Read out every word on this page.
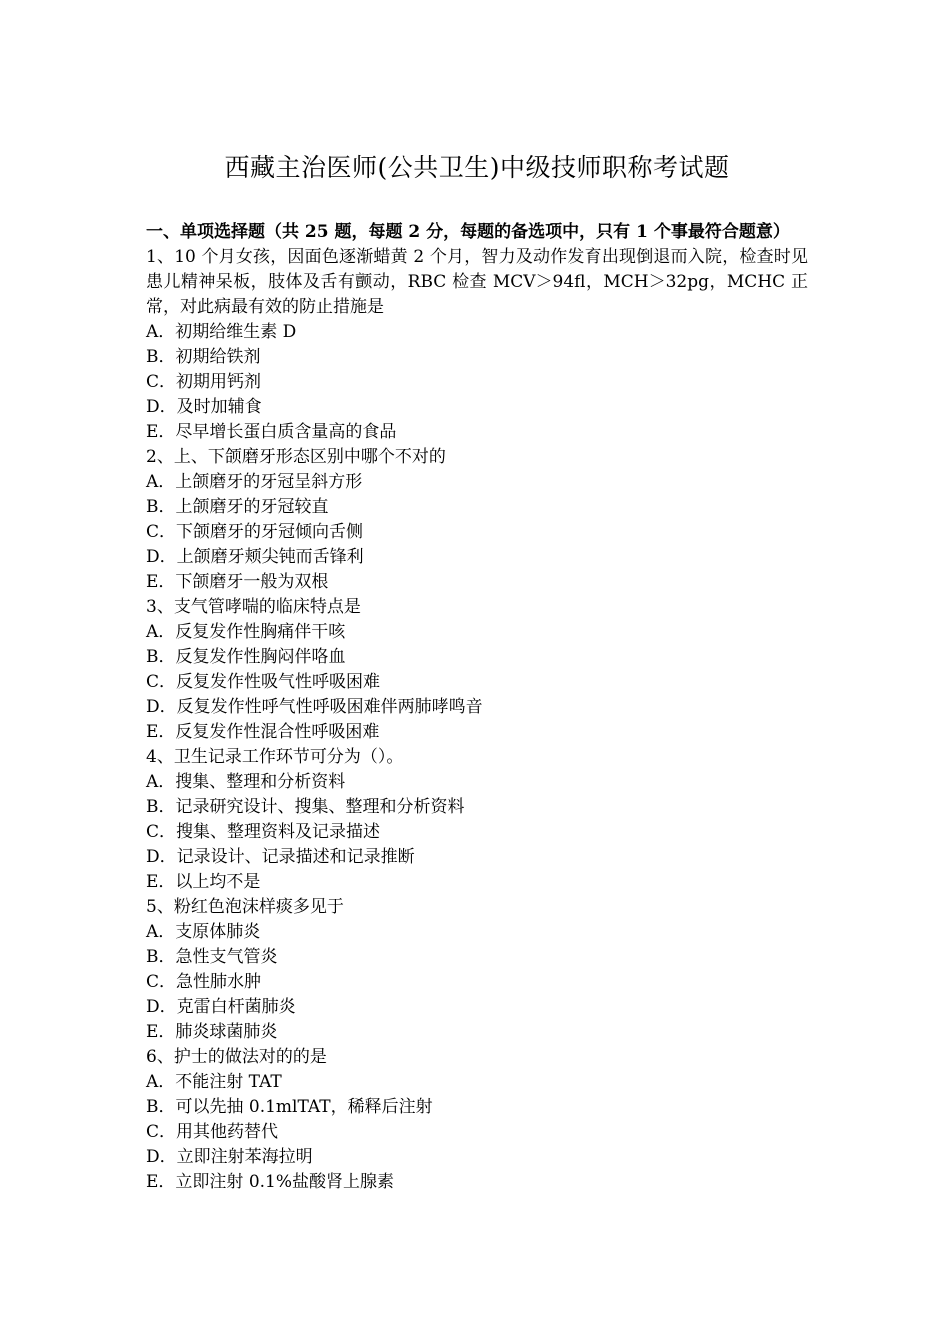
西藏主治医师(公共卫生)中级技师职称考试题

一、单项选择题（共 25 题，每题 2 分，每题的备选项中，只有 1 个事最符合题意）

1、10 个月女孩，因面色逐渐蜡黄 2 个月，智力及动作发育出现倒退而入院，检查时见患儿精神呆板，肢体及舌有颤动，RBC 检查 MCV＞94fl，MCH＞32pg，MCHC 正常，对此病最有效的防止措施是

A．初期给维生素 D

B．初期给铁剂

C．初期用钙剂

D．及时加辅食

E．尽早增长蛋白质含量高的食品

2、上、下颌磨牙形态区别中哪个不对的

A．上颌磨牙的牙冠呈斜方形

B．上颌磨牙的牙冠较直

C．下颌磨牙的牙冠倾向舌侧

D．上颌磨牙颊尖钝而舌锋利

E．下颌磨牙一般为双根

3、支气管哮喘的临床特点是

A．反复发作性胸痛伴干咳

B．反复发作性胸闷伴咯血

C．反复发作性吸气性呼吸困难

D．反复发作性呼气性呼吸困难伴两肺哮鸣音

E．反复发作性混合性呼吸困难

4、卫生记录工作环节可分为（）。

A．搜集、整理和分析资料

B．记录研究设计、搜集、整理和分析资料

C．搜集、整理资料及记录描述

D．记录设计、记录描述和记录推断

E．以上均不是

5、粉红色泡沫样痰多见于

A．支原体肺炎

B．急性支气管炎

C．急性肺水肿

D．克雷白杆菌肺炎

E．肺炎球菌肺炎

6、护士的做法对的的是

A．不能注射 TAT

B．可以先抽 0.1mlTAT，稀释后注射

C．用其他药替代

D．立即注射苯海拉明

E．立即注射 0.1%盐酸肾上腺素
